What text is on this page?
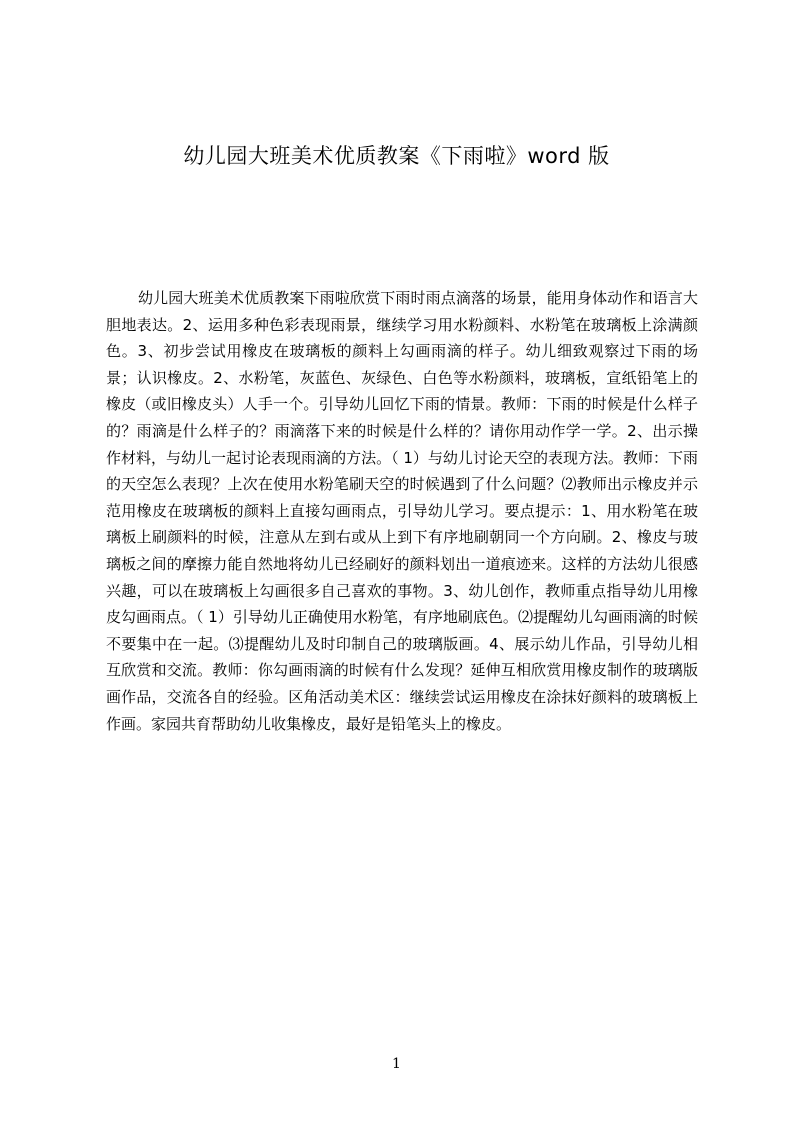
幼儿园大班美术优质教案《下雨啦》word 版

幼儿园大班美术优质教案下雨啦欣赏下雨时雨点滴落的场景，能用身体动作和语言大胆地表达。2、运用多种色彩表现雨景，继续学习用水粉颜料、水粉笔在玻璃板上涂满颜色。3、初步尝试用橡皮在玻璃板的颜料上勾画雨滴的样子。幼儿细致观察过下雨的场景；认识橡皮。2、水粉笔，灰蓝色、灰绿色、白色等水粉颜料，玻璃板，宣纸铅笔上的橡皮（或旧橡皮头）人手一个。引导幼儿回忆下雨的情景。教师：下雨的时候是什么样子的？雨滴是什么样子的？雨滴落下来的时候是什么样的？请你用动作学一学。2、出示操作材料，与幼儿一起讨论表现雨滴的方法。（ 1）与幼儿讨论天空的表现方法。教师：下雨的天空怎么表现？上次在使用水粉笔刷天空的时候遇到了什么问题？⑵教师出示橡皮并示范用橡皮在玻璃板的颜料上直接勾画雨点，引导幼儿学习。要点提示：1、用水粉笔在玻璃板上刷颜料的时候，注意从左到右或从上到下有序地刷朝同一个方向刷。2、橡皮与玻璃板之间的摩擦力能自然地将幼儿已经刷好的颜料划出一道痕迹来。这样的方法幼儿很感兴趣，可以在玻璃板上勾画很多自己喜欢的事物。3、幼儿创作，教师重点指导幼儿用橡皮勾画雨点。（ 1）引导幼儿正确使用水粉笔，有序地刷底色。⑵提醒幼儿勾画雨滴的时候不要集中在一起。⑶提醒幼儿及时印制自己的玻璃版画。4、展示幼儿作品，引导幼儿相互欣赏和交流。教师：你勾画雨滴的时候有什么发现？延伸互相欣赏用橡皮制作的玻璃版画作品，交流各自的经验。区角活动美术区：继续尝试运用橡皮在涂抹好颜料的玻璃板上作画。家园共育帮助幼儿收集橡皮，最好是铅笔头上的橡皮。

1
